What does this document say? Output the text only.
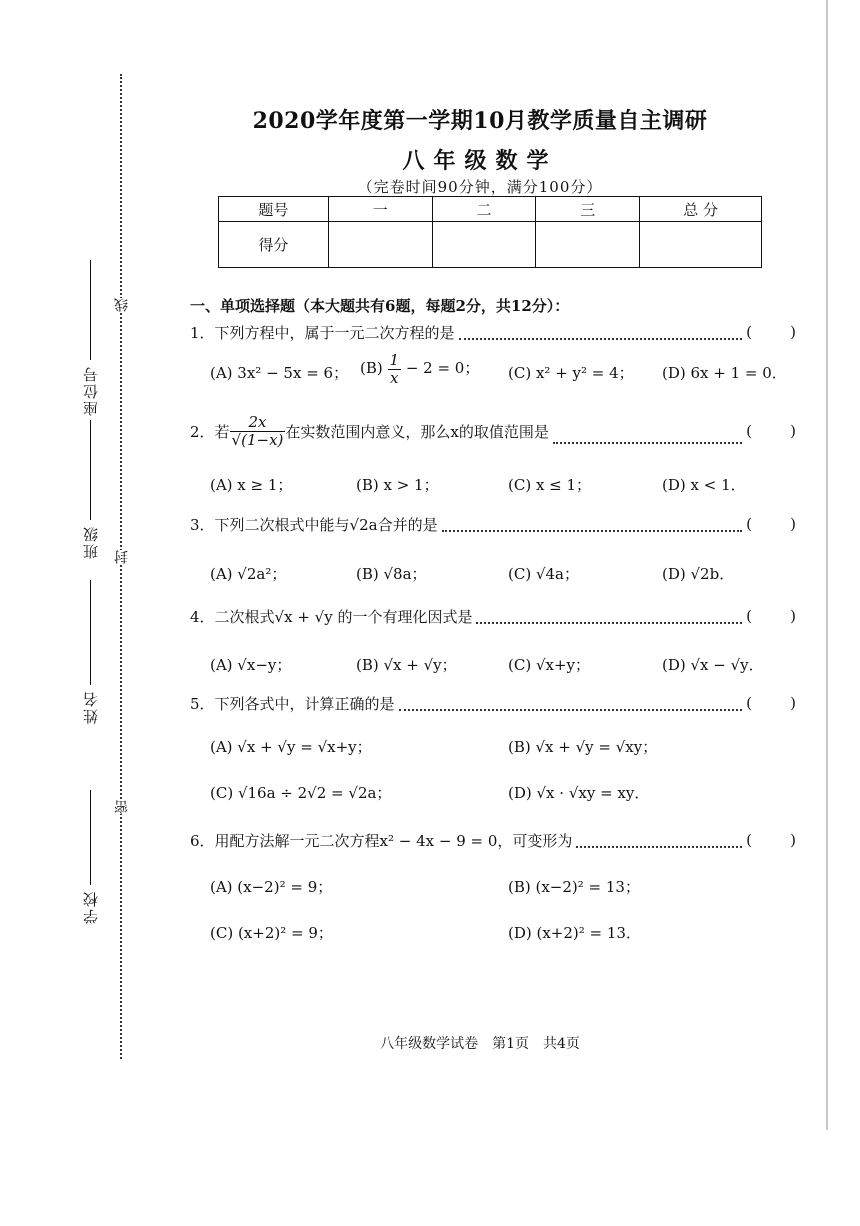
学校
姓名
班级
座位号
线
封
密
2020学年度第一学期10月教学质量自主调研
八年级数学
（完卷时间90分钟，满分100分）
题号	一	二	三	总 分
得分				
一、单项选择题（本大题共有6题，每题2分，共12分）：
1．下列方程中，属于一元二次方程的是	(        )
(A) 3x² − 5x = 6； $(B) \frac{1}{x} - 2 = 0$； (C) x² + y² = 4； (D) 6x + 1 = 0．
2．若 $\frac{2x}{√(1-x)}$ 在实数范围内意义，那么x的取值范围是	(        )
(A) x ≥ 1；	(B) x > 1；	(C) x ≤ 1；	(D) x < 1．
3．下列二次根式中能与√2a合并的是	(        )
(A) √2a²；	(B) √8a；	(C) √4a；	(D) √2b．
4．二次根式√x + √y 的一个有理化因式是	(        )
(A) √x−y；	(B) √x + √y；	(C) √x+y；	(D) √x − √y．
5．下列各式中，计算正确的是	(        )
(A) √x + √y = √x+y；	(B) √x + √y = √xy；
(C) √16a ÷ 2√2 = √2a；	(D) √x · √xy = xy．
6．用配方法解一元二次方程x² − 4x − 9 = 0，可变形为	(        )
(A) (x−2)² = 9；	(B) (x−2)² = 13；
(C) (x+2)² = 9；	(D) (x+2)² = 13．
八年级数学试卷　第1页　共4页
